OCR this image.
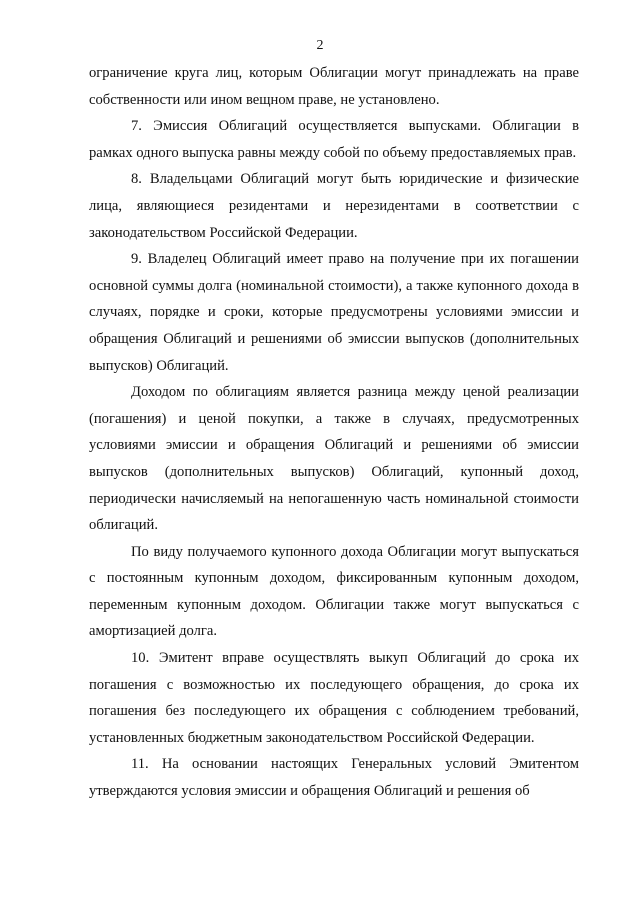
2

ограничение круга лиц, которым Облигации могут принадлежать на праве собственности или ином вещном праве, не установлено.

7. Эмиссия Облигаций осуществляется выпусками. Облигации в рамках одного выпуска равны между собой по объему предоставляемых прав.

8. Владельцами Облигаций могут быть юридические и физические лица, являющиеся резидентами и нерезидентами в соответствии с законодательством Российской Федерации.

9. Владелец Облигаций имеет право на получение при их погашении основной суммы долга (номинальной стоимости), а также купонного дохода в случаях, порядке и сроки, которые предусмотрены условиями эмиссии и обращения Облигаций и решениями об эмиссии выпусков (дополнительных выпусков) Облигаций.

Доходом по облигациям является разница между ценой реализации (погашения) и ценой покупки, а также в случаях, предусмотренных условиями эмиссии и обращения Облигаций и решениями об эмиссии выпусков (дополнительных выпусков) Облигаций, купонный доход, периодически начисляемый на непогашенную часть номинальной стоимости облигаций.

По виду получаемого купонного дохода Облигации могут выпускаться с постоянным купонным доходом, фиксированным купонным доходом, переменным купонным доходом. Облигации также могут выпускаться с амортизацией долга.

10. Эмитент вправе осуществлять выкуп Облигаций до срока их погашения с возможностью их последующего обращения, до срока их погашения без последующего их обращения с соблюдением требований, установленных бюджетным законодательством Российской Федерации.

11. На основании настоящих Генеральных условий Эмитентом утверждаются условия эмиссии и обращения Облигаций и решения об
